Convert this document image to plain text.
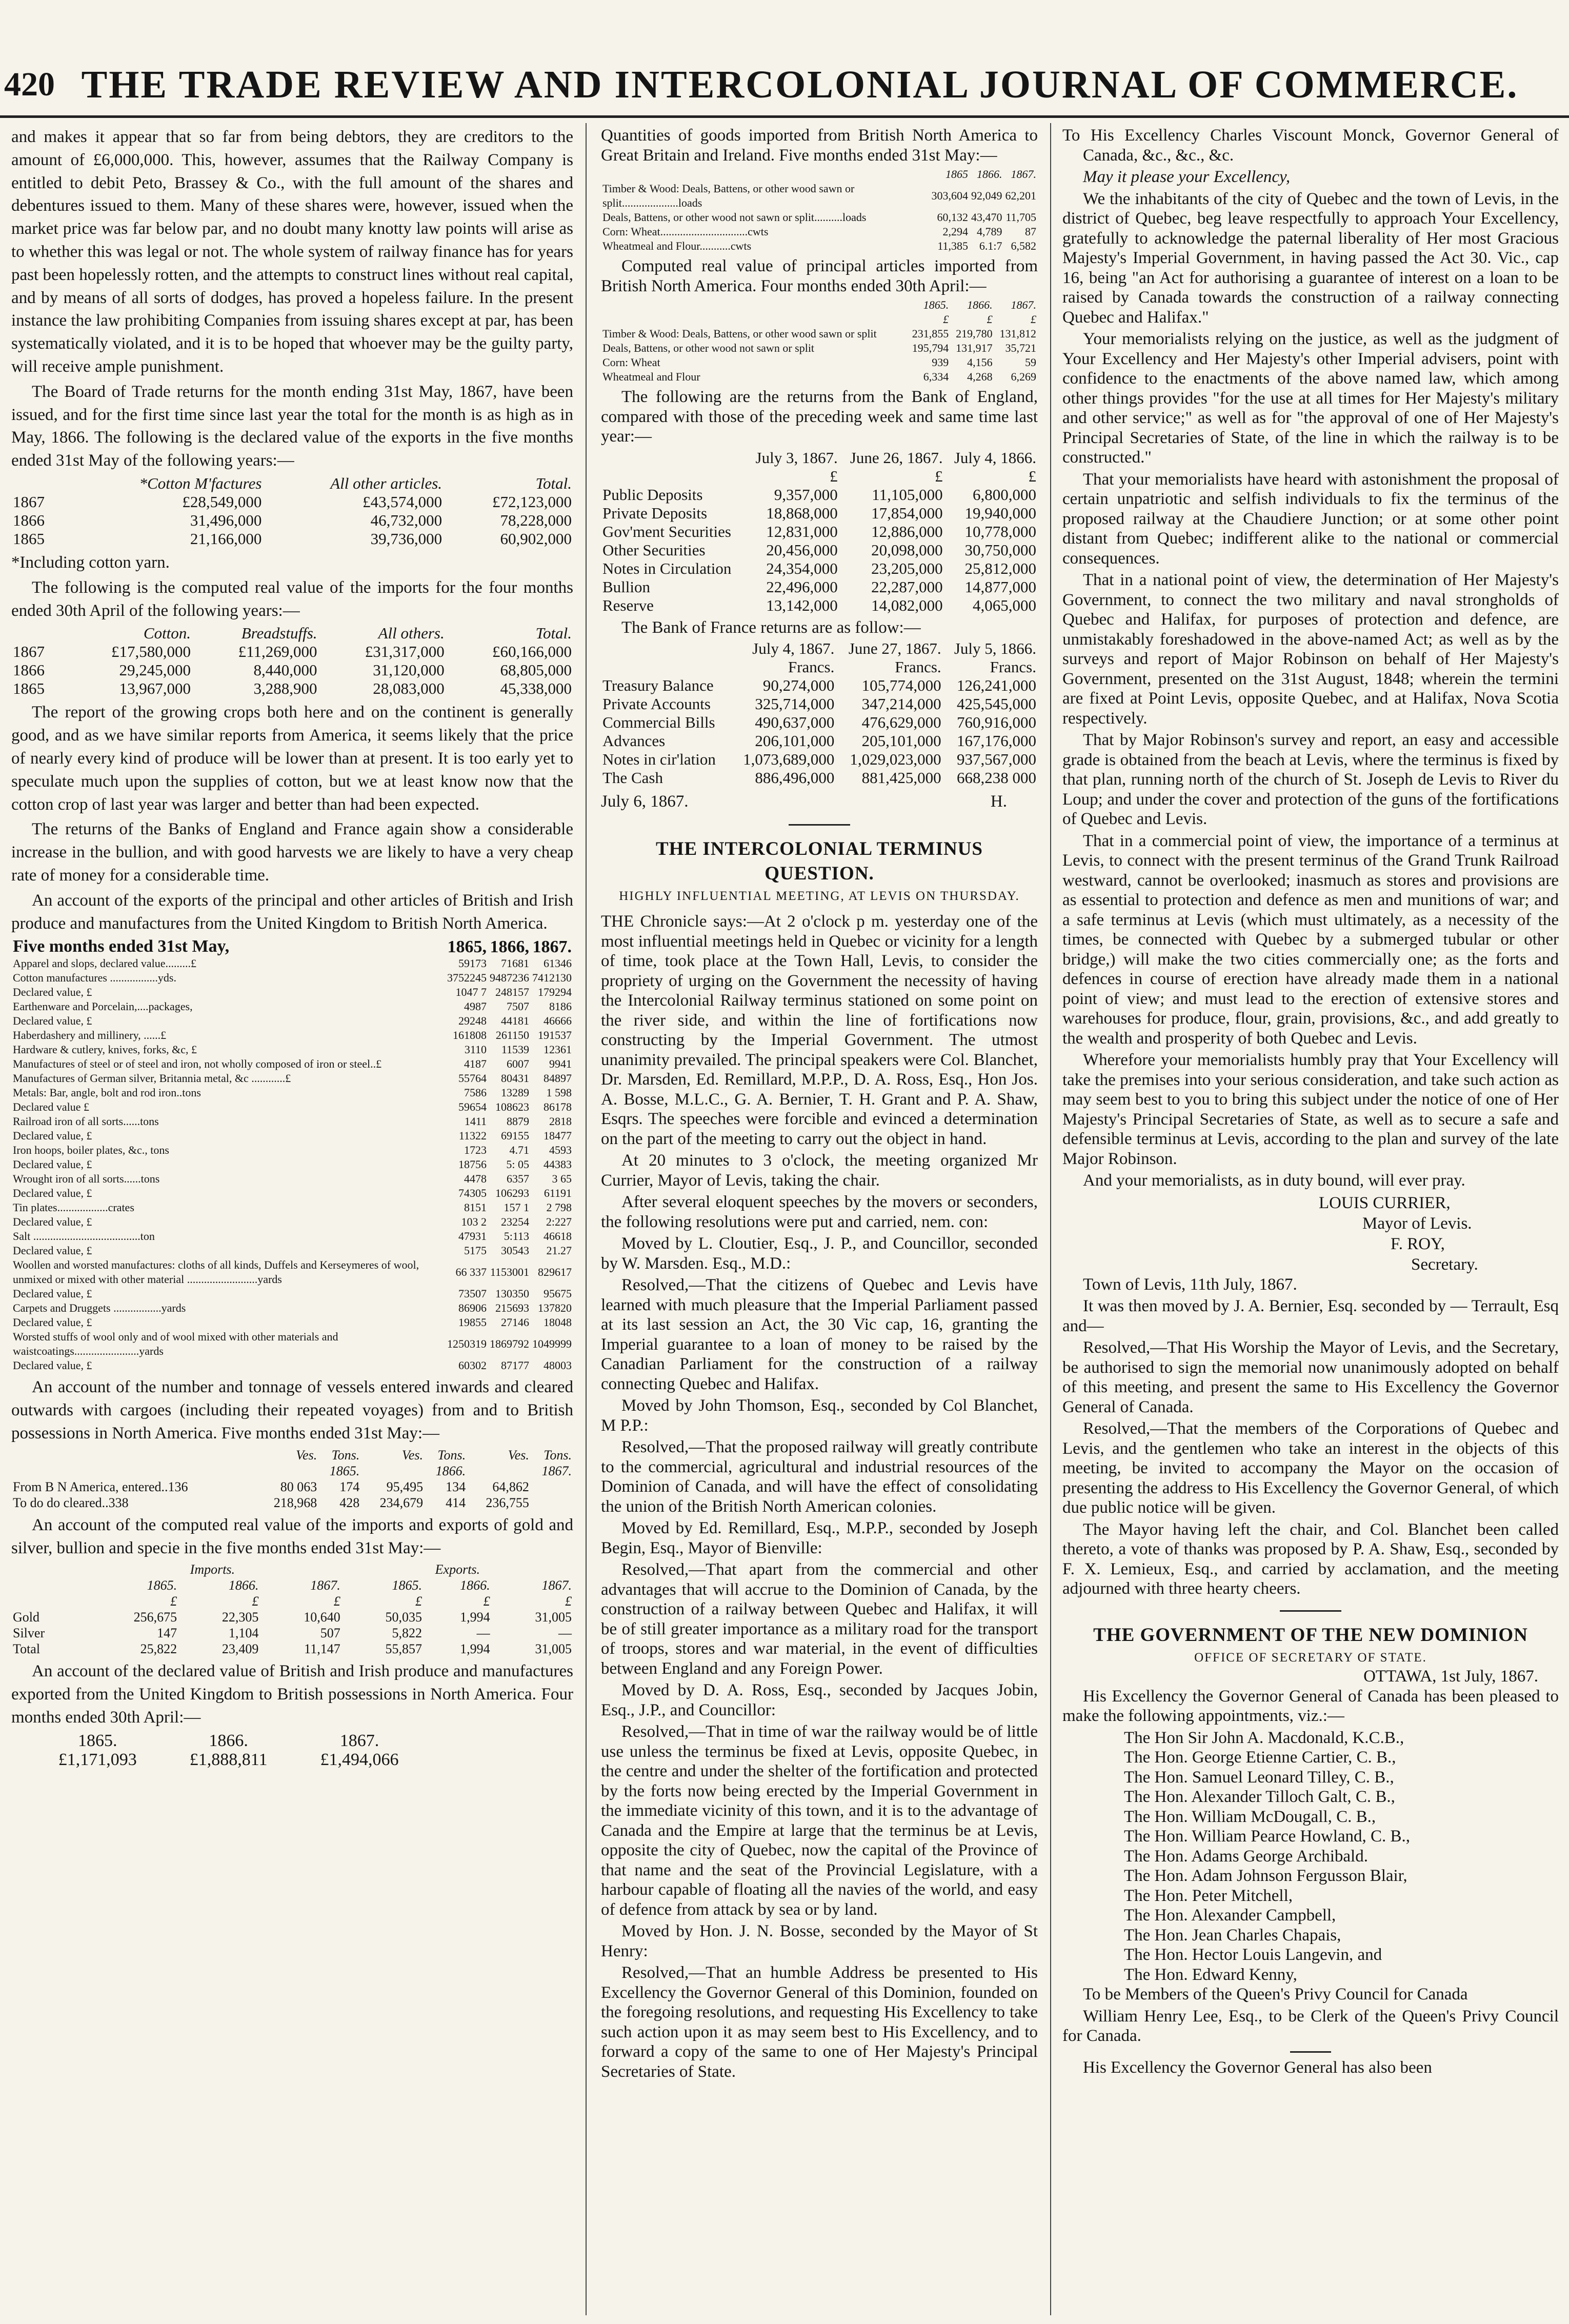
420 THE TRADE REVIEW AND INTERCOLONIAL JOURNAL OF COMMERCE.

and makes it appear that so far from being debtors, they are creditors to the amount of £6,000,000. This, however, assumes that the Railway Company is entitled to debit Peto, Brassey & Co., with the full amount of the shares and debentures issued to them. Many of these shares were, however, issued when the market price was far below par, and no doubt many knotty law points will arise as to whether this was legal or not. The whole system of railway finance has for years past been hopelessly rotten, and the attempts to construct lines without real capital, and by means of all sorts of dodges, has proved a hopeless failure. In the present instance the law prohibiting Companies from issuing shares except at par, has been systematically violated, and it is to be hoped that whoever may be the guilty party, will receive ample punishment.

The Board of Trade returns for the month ending 31st May, 1867, have been issued, and for the first time since last year the total for the month is as high as in May, 1866. The following is the declared value of the exports in the five months ended 31st May of the following years:—

	*Cotton M'factures	All other articles.	Total.
1867	£28,549,000	£43,574,000	£72,123,000
1866	31,496,000	46,732,000	78,228,000
1865	21,166,000	39,736,000	60,902,000

*Including cotton yarn.

The following is the computed real value of the imports for the four months ended 30th April of the following years:—

	Cotton.	Breadstuffs.	All others.	Total.
1867	£17,580,000	£11,269,000	£31,317,000	£60,166,000
1866	29,245,000	8,440,000	31,120,000	68,805,000
1865	13,967,000	3,288,900	28,083,000	45,338,000

The report of the growing crops both here and on the continent is generally good, and as we have similar reports from America, it seems likely that the price of nearly every kind of produce will be lower than at present. It is too early yet to speculate much upon the supplies of cotton, but we at least know now that the cotton crop of last year was larger and better than had been expected.

The returns of the Banks of England and France again show a considerable increase in the bullion, and with good harvests we are likely to have a very cheap rate of money for a considerable time.

An account of the exports of the principal and other articles of British and Irish produce and manufactures from the United Kingdom to British North America.

Five months ended 31st May,	1865,	1866,	1867.
Apparel and slops, declared value.........£	59173	71681	61346
Cotton manufactures .................yds.	3752245	9487236	7412130
Declared value, £	1047 7	248157	179294
Earthenware and Porcelain,....packages,	4987	7507	8186
Declared value, £	29248	44181	46666
Haberdashery and millinery, ......£	161808	261150	191537
Hardware & cutlery, knives, forks, &c, £	3110	11539	12361
Manufactures of steel or of steel and iron, not wholly composed of iron or steel..£	4187	6007	9941
Manufactures of German silver, Britannia metal, &c ............£	55764	80431	84897
Metals: Bar, angle, bolt and rod iron..tons	7586	13289	1 598
Declared value £	59654	108623	86178
Railroad iron of all sorts......tons	1411	8879	2818
Declared value, £	11322	69155	18477
Iron hoops, boiler plates, &c., tons	1723	4.71	4593
Declared value, £	18756	5: 05	44383
Wrought iron of all sorts......tons	4478	6357	3 65
Declared value, £	74305	106293	61191
Tin plates..................crates	8151	157 1	2 798
Declared value, £	103 2	23254	2:227
Salt ......................................ton	47931	5:113	46618
Declared value, £	5175	30543	21.27
Woollen and worsted manufactures: cloths of all kinds, Duffels and Kerseymeres of wool, unmixed or mixed with other material .........................yards	66 337	1153001	829617
Declared value, £	73507	130350	95675
Carpets and Druggets .................yards	86906	215693	137820
Declared value, £	19855	27146	18048
Worsted stuffs of wool only and of wool mixed with other materials and waistcoatings.......................yards	1250319	1869792	1049999
Declared value, £	60302	87177	48003

An account of the number and tonnage of vessels entered inwards and cleared outwards with cargoes (including their repeated voyages) from and to British possessions in North America. Five months ended 31st May:—

	Ves.	Tons.	Ves.	Tons.	Ves.	Tons.
	1865.		1866.		1867.	
From B N America, entered..136	80 063	174	95,495	134	64,862	
To do do cleared..338	218,968	428	234,679	414	236,755	

An account of the computed real value of the imports and exports of gold and silver, bullion and specie in the five months ended 31st May:—

	Imports.			Exports.		
	1865.	1866.	1867.	1865.	1866.	1867.
	£	£	£	£	£	£
Gold	256,675	22,305	10,640	50,035	1,994	31,005
Silver	147	1,104	507	5,822	—	—
Total	25,822	23,409	11,147	55,857	1,994	31,005

An account of the declared value of British and Irish produce and manufactures exported from the United Kingdom to British possessions in North America. Four months ended 30th April:—

1865.	1866.	1867.
£1,171,093	£1,888,811	£1,494,066

Quantities of goods imported from British North America to Great Britain and Ireland. Five months ended 31st May:—

	1865	1866.	1867.
Timber & Wood: Deals, Battens, or other wood sawn or split....................loads	303,604	92,049	62,201
Deals, Battens, or other wood not sawn or split..........loads	60,132	43,470	11,705
Corn: Wheat...............................cwts	2,294	4,789	87
Wheatmeal and Flour...........cwts	11,385	6.1:7	6,582

Computed real value of principal articles imported from British North America. Four months ended 30th April:—

	1865.	1866.	1867.
	£	£	£
Timber & Wood: Deals, Battens, or other wood sawn or split	231,855	219,780	131,812
Deals, Battens, or other wood not sawn or split	195,794	131,917	35,721
Corn: Wheat	939	4,156	59
Wheatmeal and Flour	6,334	4,268	6,269

The following are the returns from the Bank of England, compared with those of the preceding week and same time last year:—

	July 3, 1867.	June 26, 1867.	July 4, 1866.
	£	£	£
Public Deposits	9,357,000	11,105,000	6,800,000
Private Deposits	18,868,000	17,854,000	19,940,000
Gov'ment Securities	12,831,000	12,886,000	10,778,000
Other Securities	20,456,000	20,098,000	30,750,000
Notes in Circulation	24,354,000	23,205,000	25,812,000
Bullion	22,496,000	22,287,000	14,877,000
Reserve	13,142,000	14,082,000	4,065,000

The Bank of France returns are as follow:—

	July 4, 1867.	June 27, 1867.	July 5, 1866.
	Francs.	Francs.	Francs.
Treasury Balance	90,274,000	105,774,000	126,241,000
Private Accounts	325,714,000	347,214,000	425,545,000
Commercial Bills	490,637,000	476,629,000	760,916,000
Advances	206,101,000	205,101,000	167,176,000
Notes in cir'lation	1,073,689,000	1,029,023,000	937,567,000
The Cash	886,496,000	881,425,000	668,238 000
July 6, 1867.	H.
THE INTERCOLONIAL TERMINUS QUESTION.
HIGHLY INFLUENTIAL MEETING, AT LEVIS ON THURSDAY.

THE Chronicle says:—At 2 o'clock p m. yesterday one of the most influential meetings held in Quebec or vicinity for a length of time, took place at the Town Hall, Levis, to consider the propriety of urging on the Government the necessity of having the Intercolonial Railway terminus stationed on some point on the river side, and within the line of fortifications now constructing by the Imperial Government. The utmost unanimity prevailed. The principal speakers were Col. Blanchet, Dr. Marsden, Ed. Remillard, M.P.P., D. A. Ross, Esq., Hon Jos. A. Bosse, M.L.C., G. A. Bernier, T. H. Grant and P. A. Shaw, Esqrs. The speeches were forcible and evinced a determination on the part of the meeting to carry out the object in hand.

At 20 minutes to 3 o'clock, the meeting organized Mr Currier, Mayor of Levis, taking the chair.

After several eloquent speeches by the movers or seconders, the following resolutions were put and carried, nem. con:

Moved by L. Cloutier, Esq., J. P., and Councillor, seconded by W. Marsden. Esq., M.D.:

Resolved,—That the citizens of Quebec and Levis have learned with much pleasure that the Imperial Parliament passed at its last session an Act, the 30 Vic cap, 16, granting the Imperial guarantee to a loan of money to be raised by the Canadian Parliament for the construction of a railway connecting Quebec and Halifax.

Moved by John Thomson, Esq., seconded by Col Blanchet, M P.P.:

Resolved,—That the proposed railway will greatly contribute to the commercial, agricultural and industrial resources of the Dominion of Canada, and will have the effect of consolidating the union of the British North American colonies.

Moved by Ed. Remillard, Esq., M.P.P., seconded by Joseph Begin, Esq., Mayor of Bienville:

Resolved,—That apart from the commercial and other advantages that will accrue to the Dominion of Canada, by the construction of a railway between Quebec and Halifax, it will be of still greater importance as a military road for the transport of troops, stores and war material, in the event of difficulties between England and any Foreign Power.

Moved by D. A. Ross, Esq., seconded by Jacques Jobin, Esq., J.P., and Councillor:

Resolved,—That in time of war the railway would be of little use unless the terminus be fixed at Levis, opposite Quebec, in the centre and under the shelter of the fortification and protected by the forts now being erected by the Imperial Government in the immediate vicinity of this town, and it is to the advantage of Canada and the Empire at large that the terminus be at Levis, opposite the city of Quebec, now the capital of the Province of that name and the seat of the Provincial Legislature, with a harbour capable of floating all the navies of the world, and easy of defence from attack by sea or by land.

Moved by Hon. J. N. Bosse, seconded by the Mayor of St Henry:

Resolved,—That an humble Address be presented to His Excellency the Governor General of this Dominion, founded on the foregoing resolutions, and requesting His Excellency to take such action upon it as may seem best to His Excellency, and to forward a copy of the same to one of Her Majesty's Principal Secretaries of State.

To His Excellency Charles Viscount Monck, Governor General of Canada, &c., &c., &c.

May it please your Excellency,

We the inhabitants of the city of Quebec and the town of Levis, in the district of Quebec, beg leave respectfully to approach Your Excellency, gratefully to acknowledge the paternal liberality of Her most Gracious Majesty's Imperial Government, in having passed the Act 30. Vic., cap 16, being "an Act for authorising a guarantee of interest on a loan to be raised by Canada towards the construction of a railway connecting Quebec and Halifax."

Your memorialists relying on the justice, as well as the judgment of Your Excellency and Her Majesty's other Imperial advisers, point with confidence to the enactments of the above named law, which among other things provides "for the use at all times for Her Majesty's military and other service;" as well as for "the approval of one of Her Majesty's Principal Secretaries of State, of the line in which the railway is to be constructed."

That your memorialists have heard with astonishment the proposal of certain unpatriotic and selfish individuals to fix the terminus of the proposed railway at the Chaudiere Junction; or at some other point distant from Quebec; indifferent alike to the national or commercial consequences.

That in a national point of view, the determination of Her Majesty's Government, to connect the two military and naval strongholds of Quebec and Halifax, for purposes of protection and defence, are unmistakably foreshadowed in the above-named Act; as well as by the surveys and report of Major Robinson on behalf of Her Majesty's Government, presented on the 31st August, 1848; wherein the termini are fixed at Point Levis, opposite Quebec, and at Halifax, Nova Scotia respectively.

That by Major Robinson's survey and report, an easy and accessible grade is obtained from the beach at Levis, where the terminus is fixed by that plan, running north of the church of St. Joseph de Levis to River du Loup; and under the cover and protection of the guns of the fortifications of Quebec and Levis.

That in a commercial point of view, the importance of a terminus at Levis, to connect with the present terminus of the Grand Trunk Railroad westward, cannot be overlooked; inasmuch as stores and provisions are as essential to protection and defence as men and munitions of war; and a safe terminus at Levis (which must ultimately, as a necessity of the times, be connected with Quebec by a submerged tubular or other bridge,) will make the two cities commercially one; as the forts and defences in course of erection have already made them in a national point of view; and must lead to the erection of extensive stores and warehouses for produce, flour, grain, provisions, &c., and add greatly to the wealth and prosperity of both Quebec and Levis.

Wherefore your memorialists humbly pray that Your Excellency will take the premises into your serious consideration, and take such action as may seem best to you to bring this subject under the notice of one of Her Majesty's Principal Secretaries of State, as well as to secure a safe and defensible terminus at Levis, according to the plan and survey of the late Major Robinson.

And your memorialists, as in duty bound, will ever pray.

LOUIS CURRIER,

Mayor of Levis.

F. ROY,

Secretary.

Town of Levis, 11th July, 1867.

It was then moved by J. A. Bernier, Esq. seconded by — Terrault, Esq and—

Resolved,—That His Worship the Mayor of Levis, and the Secretary, be authorised to sign the memorial now unanimously adopted on behalf of this meeting, and present the same to His Excellency the Governor General of Canada.

Resolved,—That the members of the Corporations of Quebec and Levis, and the gentlemen who take an interest in the objects of this meeting, be invited to accompany the Mayor on the occasion of presenting the address to His Excellency the Governor General, of which due public notice will be given.

The Mayor having left the chair, and Col. Blanchet been called thereto, a vote of thanks was proposed by P. A. Shaw, Esq., seconded by F. X. Lemieux, Esq., and carried by acclamation, and the meeting adjourned with three hearty cheers.

THE GOVERNMENT OF THE NEW DOMINION
OFFICE OF SECRETARY OF STATE.

OTTAWA, 1st July, 1867.

His Excellency the Governor General of Canada has been pleased to make the following appointments, viz.:—

The Hon Sir John A. Macdonald, K.C.B.,
The Hon. George Etienne Cartier, C. B.,
The Hon. Samuel Leonard Tilley, C. B.,
The Hon. Alexander Tilloch Galt, C. B.,
The Hon. William McDougall, C. B.,
The Hon. William Pearce Howland, C. B.,
The Hon. Adams George Archibald.
The Hon. Adam Johnson Fergusson Blair,
The Hon. Peter Mitchell,
The Hon. Alexander Campbell,
The Hon. Jean Charles Chapais,
The Hon. Hector Louis Langevin, and
The Hon. Edward Kenny,

To be Members of the Queen's Privy Council for Canada

William Henry Lee, Esq., to be Clerk of the Queen's Privy Council for Canada.

His Excellency the Governor General has also been
